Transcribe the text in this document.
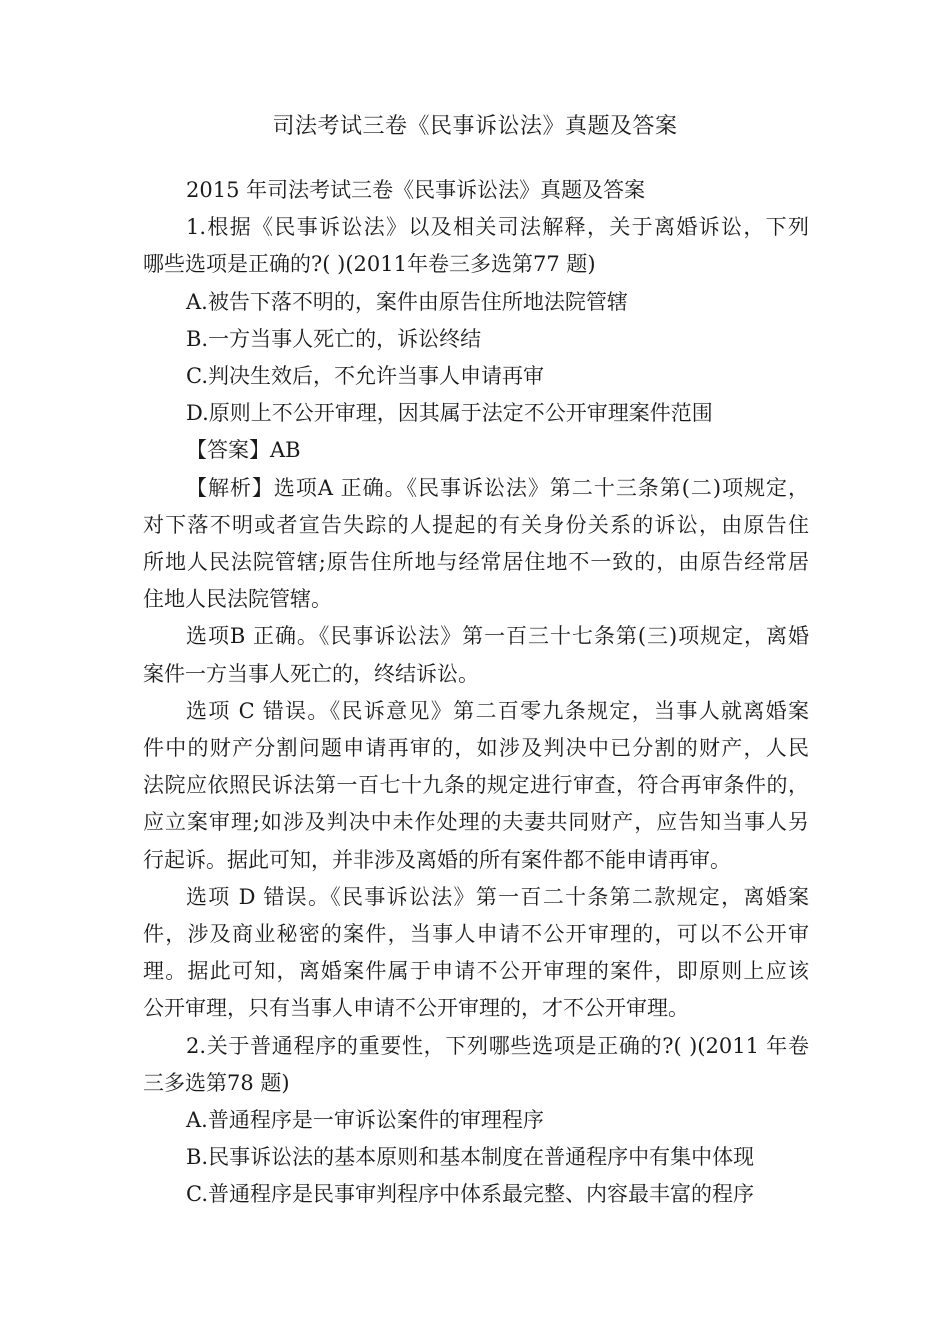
司法考试三卷《民事诉讼法》真题及答案
2015 年司法考试三卷《民事诉讼法》真题及答案
1.根据《民事诉讼法》以及相关司法解释，关于离婚诉讼，下列
哪些选项是正确的?( )(2011年卷三多选第77 题)
A.被告下落不明的，案件由原告住所地法院管辖
B.一方当事人死亡的，诉讼终结
C.判决生效后，不允许当事人申请再审
D.原则上不公开审理，因其属于法定不公开审理案件范围
【答案】AB
【解析】选项A 正确。《民事诉讼法》第二十三条第(二)项规定，
对下落不明或者宣告失踪的人提起的有关身份关系的诉讼，由原告住
所地人民法院管辖;原告住所地与经常居住地不一致的，由原告经常居
住地人民法院管辖。
选项B 正确。《民事诉讼法》第一百三十七条第(三)项规定，离婚
案件一方当事人死亡的，终结诉讼。
选项 C 错误。《民诉意见》第二百零九条规定，当事人就离婚案
件中的财产分割问题申请再审的，如涉及判决中已分割的财产，人民
法院应依照民诉法第一百七十九条的规定进行审查，符合再审条件的，
应立案审理;如涉及判决中未作处理的夫妻共同财产，应告知当事人另
行起诉。据此可知，并非涉及离婚的所有案件都不能申请再审。
选项 D 错误。《民事诉讼法》第一百二十条第二款规定，离婚案
件，涉及商业秘密的案件，当事人申请不公开审理的，可以不公开审
理。据此可知，离婚案件属于申请不公开审理的案件，即原则上应该
公开审理，只有当事人申请不公开审理的，才不公开审理。
2.关于普通程序的重要性，下列哪些选项是正确的?( )(2011 年卷
三多选第78 题)
A.普通程序是一审诉讼案件的审理程序
B.民事诉讼法的基本原则和基本制度在普通程序中有集中体现
C.普通程序是民事审判程序中体系最完整、内容最丰富的程序
